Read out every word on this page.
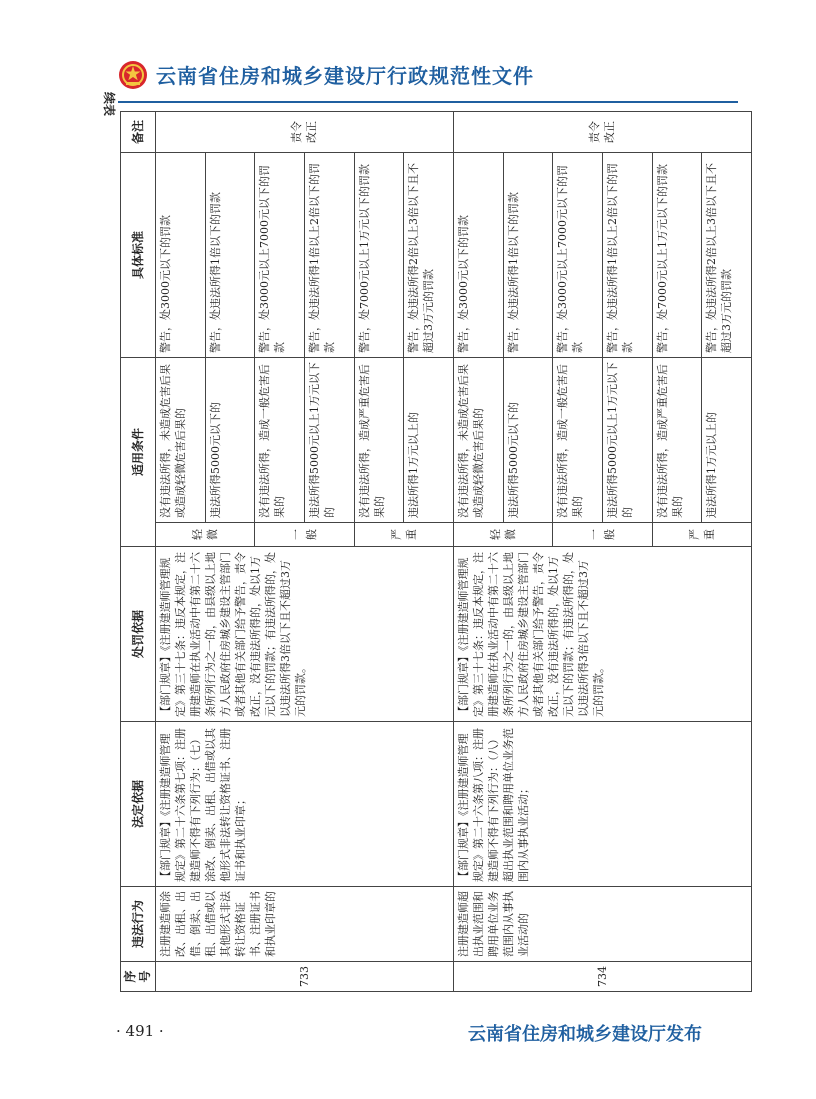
云南省住房和城乡建设厅行政规范性文件
序号	违法行为	法定依据	处罚依据	适用条件		具体标准	备注
733	注册建造师涂改、出租、出借、倒卖、出租、出借或以其他形式非法转让资格证书、注册证书和执业印章的	【部门规章】《注册建造师管理规定》第二十六条第七项：注册建造师不得有下列行为：（七）涂改、倒卖、出租、出借或以其他形式非法转让资格证书、注册证书和执业印章；	【部门规章】《注册建造师管理规定》第三十七条：违反本规定，注册建造师在执业活动中有第二十六条所列行为之一的，由县级以上地方人民政府住房城乡建设主管部门或者其他有关部门给予警告，责令改正，没有违法所得的，处以1万元以下的罚款；有违法所得的，处以违法所得3倍以下且不超过3万元的罚款。	轻微	没有违法所得，未造成危害后果或造成轻微危害后果的	警告，处3000元以下的罚款	责令改正
					违法所得5000元以下的	警告，处违法所得1倍以下的罚款	
				一般	没有违法所得，造成一般危害后果的	警告，处3000元以上7000元以下的罚款	
					违法所得5000元以上1万元以下的	警告，处违法所得1倍以上2倍以下的罚款	
				严重	没有违法所得，造成严重危害后果的	警告，处7000元以上1万元以下的罚款	
					违法所得1万元以上的	警告，处违法所得2倍以上3倍以下且不超过3万元的罚款	
734	注册建造师超出执业范围和聘用单位业务范围内从事执业活动的	【部门规章】《注册建造师管理规定》第二十六条第八项：注册建造师不得有下列行为：（八）超出执业范围和聘用单位业务范围内从事执业活动；	【部门规章】《注册建造师管理规定》第三十七条：违反本规定，注册建造师在执业活动中有第二十六条所列行为之一的，由县级以上地方人民政府住房城乡建设主管部门或者其他有关部门给予警告，责令改正，没有违法所得的，处以1万元以下的罚款；有违法所得的，处以违法所得3倍以下且不超过3万元的罚款。	轻微	没有违法所得，未造成危害后果或造成轻微危害后果的	警告，处3000元以下的罚款	责令改正
					违法所得5000元以下的	警告，处违法所得1倍以下的罚款	
				一般	没有违法所得，造成一般危害后果的	警告，处3000元以上7000元以下的罚款	
					违法所得5000元以上1万元以下的	警告，处违法所得1倍以上2倍以下的罚款	
				严重	没有违法所得，造成严重危害后果的	警告，处7000元以上1万元以下的罚款	
					违法所得1万元以上的	警告，处违法所得2倍以上3倍以下且不超过3万元的罚款	
续表
· 491 ·	云南省住房和城乡建设厅发布
